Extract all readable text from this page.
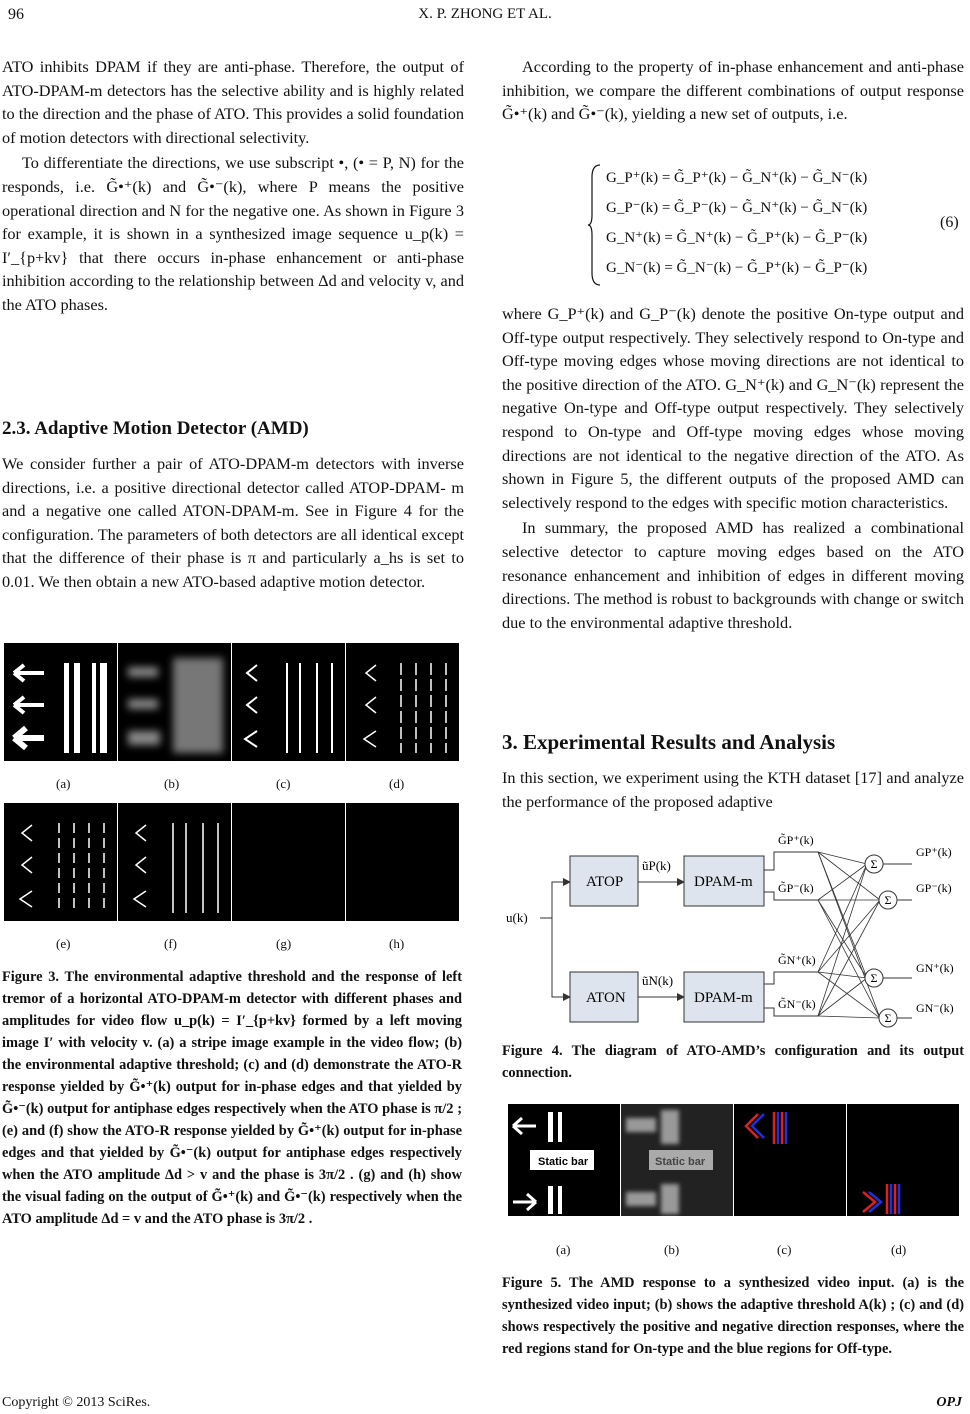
96	X. P. ZHONG ET AL.

ATO inhibits DPAM if they are anti-phase. Therefore, the output of ATO-DPAM-m detectors has the selective ability and is highly related to the direction and the phase of ATO. This provides a solid foundation of motion detectors with directional selectivity.

To differentiate the directions, we use subscript •, (• = P, N) for the responds, i.e. G̃•⁺(k) and G̃•⁻(k), where P means the positive operational direction and N for the negative one. As shown in Figure 3 for example, it is shown in a synthesized image sequence u_p(k) = I′_{p+kv} that there occurs in-phase enhancement or anti-phase inhibition according to the relationship between Δd and velocity v, and the ATO phases.

2.3. Adaptive Motion Detector (AMD)

We consider further a pair of ATO-DPAM-m detectors with inverse directions, i.e. a positive directional detector called ATOP-DPAM- m and a negative one called ATON-DPAM-m. See in Figure 4 for the configuration. The parameters of both detectors are all identical except that the difference of their phase is π and particularly a_hs is set to 0.01. We then obtain a new ATO-based adaptive motion detector.

(a)	(b)	(c)	(d)
(e)	(f)	(g)	(h)

Figure 3. The environmental adaptive threshold and the response of left tremor of a horizontal ATO-DPAM-m detector with different phases and amplitudes for video flow u_p(k) = I′_{p+kv} formed by a left moving image I′ with velocity v. (a) a stripe image example in the video flow; (b) the environmental adaptive threshold; (c) and (d) demonstrate the ATO-R response yielded by G̃•⁺(k) output for in-phase edges and that yielded by G̃•⁻(k) output for antiphase edges respectively when the ATO phase is π/2 ; (e) and (f) show the ATO-R response yielded by G̃•⁺(k) output for in-phase edges and that yielded by G̃•⁻(k) output for antiphase edges respectively when the ATO amplitude Δd > v and the phase is 3π/2 . (g) and (h) show the visual fading on the output of G̃•⁺(k) and G̃•⁻(k) respectively when the ATO amplitude Δd = v and the ATO phase is 3π/2 .

According to the property of in-phase enhancement and anti-phase inhibition, we compare the different combinations of output response G̃•⁺(k) and G̃•⁻(k), yielding a new set of outputs, i.e.

G_P⁺(k) = G̃_P⁺(k) − G̃_N⁺(k) − G̃_N⁻(k)
G_P⁻(k) = G̃_P⁻(k) − G̃_N⁺(k) − G̃_N⁻(k)
G_N⁺(k) = G̃_N⁺(k) − G̃_P⁺(k) − G̃_P⁻(k)
G_N⁻(k) = G̃_N⁻(k) − G̃_P⁺(k) − G̃_P⁻(k)
(6)

where G_P⁺(k) and G_P⁻(k) denote the positive On-type output and Off-type output respectively. They selectively respond to On-type and Off-type moving edges whose moving directions are not identical to the positive direction of the ATO. G_N⁺(k) and G_N⁻(k) represent the negative On-type and Off-type output respectively. They selectively respond to On-type and Off-type moving edges whose moving directions are not identical to the negative direction of the ATO. As shown in Figure 5, the different outputs of the proposed AMD can selectively respond to the edges with specific motion characteristics.

In summary, the proposed AMD has realized a combinational selective detector to capture moving edges based on the ATO resonance enhancement and inhibition of edges in different moving directions. The method is robust to backgrounds with change or switch due to the environmental adaptive threshold.

3. Experimental Results and Analysis

In this section, we experiment using the KTH dataset [17] and analyze the performance of the proposed adaptive

u(k)
ATOP
ATON
ũP(k)
DPAM-m
ũN(k)
DPAM-m
G̃P⁺(k)
G̃P⁻(k)
G̃N⁺(k)
G̃N⁻(k)
Σ
Σ
Σ
Σ
GP⁺(k)
GP⁻(k)
GN⁺(k)
GN⁻(k)

Figure 4. The diagram of ATO-AMD’s configuration and its output connection.

Static bar	Static bar
(a)	(b)	(c)	(d)

Figure 5. The AMD response to a synthesized video input. (a) is the synthesized video input; (b) shows the adaptive threshold A(k) ; (c) and (d) shows respectively the positive and negative direction responses, where the red regions stand for On-type and the blue regions for Off-type.

Copyright © 2013 SciRes.	OPJ
